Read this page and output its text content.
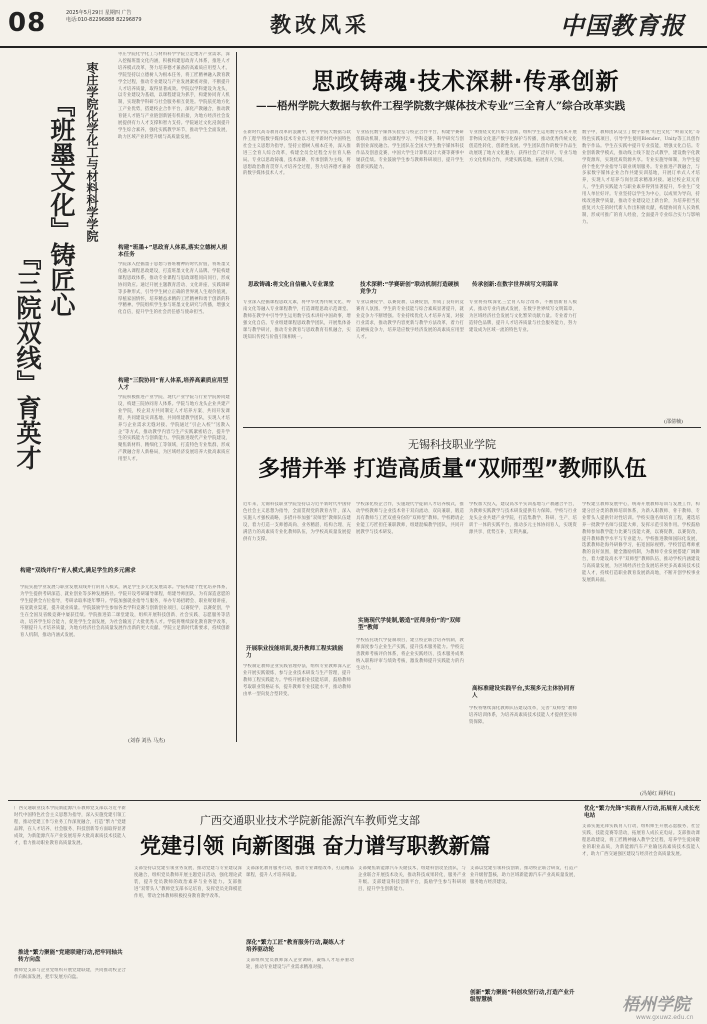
08	2025年5月29日 星期四 广告
电话:010-82296888 82296879	教改风采	中国教育报
枣庄学院化学化工与材料科学学院
『班墨文化』铸匠心
『三院双线』育英才
枣庄学院化学化工与材料科学学院立足地方产业需求，深入挖掘班墨文化内涵，积极构建思政育人体系，推进人才培养模式改革，努力培养德才兼备的高素质应用型人才。学院坚持以立德树人为根本任务，将工匠精神融入教育教学全过程，推动专业建设与产业发展紧密对接，不断提升人才培养质量，取得显著成效。学院以学科建设为龙头，以专业建设为基础，以课程建设为抓手，构建协同育人机制，实现教学科研与社会服务相互促进。学院依托地方化工产业优势，搭建校企合作平台，深化产教融合，推动教育链人才链与产业链创新链有机衔接，为地方经济社会发展提供有力人才支撑和智力支持。学院通过文化浸润提升学生综合素养，强化实践教学环节，推动学生全面发展，助力区域产业转型升级与高质量发展。
构建“班墨+”思政育人体系,落实立德树人根本任务
学院深入挖掘墨子思想与鲁班精神的时代价值，将班墨文化融入课程思政建设，打造班墨文化育人品牌。学院构建课程思政体系，推动专业课程与思政课程同向同行，形成协同效应。通过开展主题教育活动、文化讲座、实践调研等多种形式，引导学生树立正确的世界观人生观价值观，厚植家国情怀，培养精益求精的工匠精神和勇于创新的科学精神。学院组织学生参与班墨文化研究与传播，增强文化自信，提升学生的社会责任感与使命担当。
构建“三院协同”育人体系,培养高素质应用型人才
学院积极推进产业学院、现代产业学院与行业学院协同建设，构建三院协同育人体系。学院与地方龙头企业共建产业学院，校企双方共同制定人才培养方案、共同开发课程、共同建设实训基地、共同组建教学团队，实现人才培养与企业需求无缝对接。学院通过“引企入校”“送教入企”等方式，推动教学内容与生产实践紧密结合，提升学生的实践能力与创新能力。学院推进现代产业学院建设，聚焦新材料、精细化工等领域，打造特色专业集群，形成产教融合育人新格局，为区域经济发展培养大批高素质应用型人才。
构建“双线并行”育人模式,满足学生的多元需求
学院实施学业发展与职业发展双线并行的育人模式，满足学生多元化发展需求。学院构建个性化培养体系，为学生提供考研深造、就业创业等多种发展路径。学院开设考研辅导课程，组建导师团队，为有深造意愿的学生提供全方位指导，考研录取率逐年攀升。学院加强就业指导与服务，举办专场招聘会、职业规划讲座，拓宽就业渠道，提升就业质量。学院鼓励学生参加各类学科竞赛与创新创业项目，以赛促学、以赛促创，学生在全国及省级竞赛中屡获佳绩。学院推进第二课堂建设，组织开展科技创新、社会实践、志愿服务等活动，培养学生综合能力，促进学生全面发展，为社会输送了大批优秀人才。学院将继续深化教育教学改革，不断提升人才培养质量，为地方经济社会高质量发展作出新的更大贡献。学院立足新时代新要求，持续创新育人机制，推动内涵式发展。
(刘春 刘丛 马杰)
思政铸魂·技术深耕·传承创新
——梧州学院大数据与软件工程学院数字媒体技术专业“三全育人”综合改革实践
在新时代高等教育改革的浪潮中，梧州学院大数据与软件工程学院数字媒体技术专业以习近平新时代中国特色社会主义思想为指导，坚持立德树人根本任务，深入推进三全育人综合改革，构建全员全过程全方位育人格局。专业以思政铸魂、技术深耕、传承创新为主线，将思想政治教育贯穿人才培养全过程，努力培养德才兼备的数字媒体技术人才。
思政铸魂:将文化自信融入专业课堂
专业深入挖掘课程思政元素，将中华优秀传统文化、岭南文化等融入专业课程教学，打造课程思政示范课堂。教师在教学中引导学生运用数字技术讲好中国故事，增强文化自信。专业组建课程思政教学团队，开展集体备课与教学研讨，推动专业教育与思政教育有机融合，实现知识传授与价值引领相统一。
专业依托数字媒体实验室与校企合作平台，构建学赛研创联动机制，推动课程学习、学科竞赛、科学研究与创新创业深度融合。学生团队在全国大学生数字媒体科技作品及创意竞赛、中国大学生计算机设计大赛等赛事中屡获佳绩。专业鼓励学生参与教师科研项目，提升学生创新实践能力。
技术深耕:“学赛研创”联动机制打造硬核竞争力
专业以赛促学、以赛促教、以赛促创，形成了良好的竞赛育人氛围。学生的专业技能与综合素质显著提升，就业竞争力不断增强。专业持续优化人才培养方案，对接行业需求，推动教学内容更新与教学方法改革，着力打造硬核竞争力，培养适应数字经济发展的高素质应用型人才。
专业围绕文化传承与创新，组织学生运用数字技术开展非物质文化遗产数字化保护与传播，推动优秀传统文化创造性转化、创新性发展。学生团队创作的数字作品生动展现了地方文化魅力，获得社会广泛好评。专业与地方文化机构合作，共建实践基地，拓展育人空间。
传承创新:在数字世界续写文明篇章
专业将持续深化三全育人综合改革，不断创新育人模式，推动专业内涵式发展，在数字世界续写文明篇章，为区域经济社会发展与文化繁荣贡献力量。专业着力打造特色品牌，提升人才培养质量与社会服务能力，努力建设成为区域一流的特色专业。
数字中，教师团队设立了数字影视“红色文化”“岭南文化”等特色实践项目，引导学生使用Blender、Unity等工具创作数字作品。学生在实践中提升专业技能，增强文化自信。专业创新教学模式，推动线上线下混合式教学，建设数字化教学资源库，实现优质资源共享。专业实施导师制，为学生提供个性化学业指导与职业规划服务。专业推进产教融合，与多家数字媒体企业合作共建实训基地，开展订单式人才培养，实现人才培养与岗位需求精准对接。通过校企双元育人，学生的实践能力与职业素养得到显著提升，毕业生广受用人单位好评。专业坚持以学生为中心，以成果为导向，持续改进教学质量，推动专业建设迈上新台阶，为培养担当民族复兴大任的时代新人作出积极贡献，构建协同育人长效机制，形成可推广的育人经验，全面提升专业综合实力与影响力。
(邵倩楠)
无锡科技职业学院
多措并举 打造高质量“双师型”教师队伍
近年来，无锡科技职业学院坚持以习近平新时代中国特色社会主义思想为指导，全面贯彻党的教育方针，深入实施人才强校战略，多措并举加强“双师型”教师队伍建设，着力打造一支师德高尚、业务精湛、结构合理、充满活力的高素质专业化教师队伍，为学校高质量发展提供有力支撑。
开展职业技能培训,提升教师工程实践能力
学校制定教师企业实践管理办法，组织专业教师深入企业开展实践锻炼，参与企业技术研发与生产管理，提升教师工程实践能力。学校开展职业技能培训，鼓励教师考取职业资格证书，提升教师专业技能水平，推动教师由单一型向复合型转变。
学校深化校企合作，实施现代学徒制人才培养模式，推动学校教师与企业技术骨干双向流动、双向兼职，锻造具有教师与工匠双重身份的“双师型”教师。学校聘请企业能工巧匠担任兼职教师，组建混编教学团队，共同开展教学与技术研发。
实施现代学徒制,锻造“匠师身份”的“双师型”教师
学校依托现代学徒制项目，建立校企联合培养机制，教师深度参与企业生产实践，提升技术服务能力。学校完善教师考核评价体系，将企业实践经历、技术服务成果纳入职称评审与绩效考核，激发教师提升实践能力的内生动力。
学校加大投入，建设高水平实训基地与产教融合平台，为教师实践教学与技术研发提供有力保障。学校与行业龙头企业共建产业学院，打造集教学、科研、生产、培训于一体的实践平台，推动多元主体协同育人，实现资源共享、优势互补、互利共赢。
高标准建设实践平台,实现多元主体协同育人
学校将继续深化教师队伍建设改革，完善“双师型”教师培养培训体系，为培养高素质技术技能人才提供坚实师资保障。
学校建立教师发展中心，统筹开展教师培训与发展工作，构建分层分类的教师培训体系，为新入职教师、骨干教师、专业带头人提供针对性培训。学校实施名师培育工程，遴选培养一批教学名师与技能大师，发挥示范引领作用。学校鼓励教师参加教学能力比赛与技能大赛，以赛促教、以赛促改，提升教师教学水平与专业能力。学校推进教师国际化发展，选派教师赴海外研修学习，拓宽国际视野。学校营造尊师重教的良好氛围，健全激励机制，为教师专业发展搭建广阔舞台，着力建设高水平“双师型”教师队伍，推动学校内涵建设与高质量发展，为区域经济社会发展培养更多高素质技术技能人才，持续打造职业教育发展新高地，不断开创学校事业发展新局面。
(冯菊红 顾科红)
广西交通职业技术学院新能源汽车教师党支部以习近平新时代中国特色社会主义思想为指导，深入实施党建引领工程，推动党建工作与业务工作深度融合，打造“繁力”党建品牌，在人才培养、社会服务、科技创新等方面取得显著成效，为新能源汽车产业发展培养大批高素质技术技能人才，着力推动职业教育高质量发展。
推进“繁力聚能”党建联建行动,把牢同轴共转方向盘
教师党支部与企业党组织开展党建联建，共同推动校企合作向纵深发展，把牢发展方向盘。
广西交通职业技术学院新能源汽车教师党支部
党建引领 向新图强 奋力谱写职教新篇
支部坚持以党建引领业务发展，推动党建与专业建设深度融合，组织党员教师开展主题党日活动，强化理论武装，提升党员教师的政治素养与业务能力。支部推进“双带头人”教师党支部书记培育，发挥党员先锋模范作用，带动全体教师积极投身教育教学改革。
深化“繁力工匠”教育服务行动,凝练人才培养驱动轮
支部深化教育服务行动，推动专业课程改革，打造精品课程，提升人才培养质量。
支部组织党员教师深入企业调研，凝练人才培养驱动轮，推动专业建设与产业需求精准对接。
支部聚焦新能源汽车关键技术，组建科创攻坚团队，与企业联合开展技术攻关，推动科技成果转化，服务产业升级。支部建设科技创新平台，鼓励学生参与科研项目，提升学生创新能力。
创新“繁力聚能”科创攻坚行动,打造产业升级智慧核
支部以党建引领科技创新，推动校企联合研发，打造产业升级智慧核，助力区域新能源汽车产业高质量发展，服务地方经济建设。
优化“繁力先锋”实践育人行动,拓展育人成长充电站
支部实施先锋实践育人行动，组织师生开展志愿服务、社会实践、技能竞赛等活动，拓展育人成长充电站。支部推动课程思政建设，将工匠精神融入教学全过程，培养学生爱岗敬业的职业品质，为新能源汽车产业输送高素质技术技能人才，助力广西交通强区建设与经济社会高质量发展。
梧州学院
www.gxuwz.edu.cn
